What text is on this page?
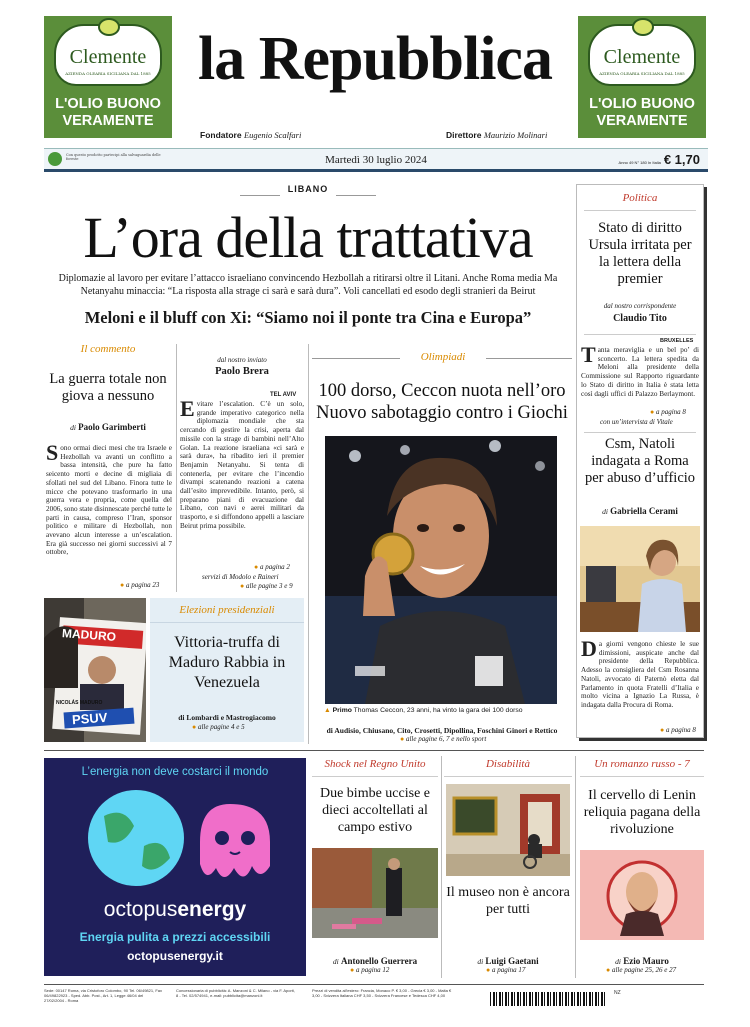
Clemente
AZIENDA OLEARIA SICILIANA DAL 1885
L'OLIO BUONO VERAMENTE
la Repubblica	Clemente
AZIENDA OLEARIA SICILIANA DAL 1885
L'OLIO BUONO VERAMENTE
Fondatore Eugenio Scalfari	Direttore Maurizio Molinari
Con questo prodotto partecipi alla salvaguardia delle foreste	Martedì 30 luglio 2024	Anno 49 N° 180 In Italia € 1,70
LIBANO
L’ora della trattativa
Diplomazie al lavoro per evitare l’attacco israeliano convincendo Hezbollah a ritirarsi oltre il Litani. Anche Roma media Ma Netanyahu minaccia: “La risposta alla strage ci sarà e sarà dura”. Voli cancellati ed esodo degli stranieri da Beirut
Meloni e il bluff con Xi: “Siamo noi il ponte tra Cina e Europa”
Il commento
La guerra totale non giova a nessuno
di Paolo Garimberti
Sono ormai dieci mesi che tra Israele e Hezbollah va avanti un conflitto a bassa intensità, che pure ha fatto seicento morti e decine di migliaia di sfollati nel sud del Libano. Finora tutte le micce che potevano trasformarlo in una guerra vera e propria, come quella del 2006, sono state disinnescate perché tutte le parti in causa, compreso l’Iran, sponsor politico e militare di Hezbollah, non avevano alcun interesse a un’escalation. Era già successo nei giorni successivi al 7 ottobre,
● a pagina 23
dal nostro inviato
Paolo Brera
TEL AVIV
Evitare l’escalation. C’è un solo, grande imperativo categorico nella diplomazia mondiale che sta cercando di gestire la crisi, aperta dal missile con la strage di bambini nell’Alto Golan. La reazione israeliana «ci sarà e sarà dura», ha ribadito ieri il premier Benjamin Netanyahu. Si tenta di contenerla, per evitare che l’incendio divampi scatenando reazioni a catena dall’esito imprevedibile. Intanto, però, si preparano piani di evacuazione dal Libano, con navi e aerei militari da trasporto, e si diffondono appelli a lasciare Beirut prima possibile.
● a pagina 2
servizi di Modolo e Raineri
● alle pagine 3 e 9
Olimpiadi
100 dorso, Ceccon nuota nell’oro Nuovo sabotaggio contro i Giochi
▲ Primo Thomas Ceccon, 23 anni, ha vinto la gara dei 100 dorso
di Audisio, Chiusano, Cito, Crosetti, Dipollina, Foschini Ginori e Rettico
● alle pagine 6, 7 e nello sport
MADURO
NICOLÁS MADURO
PSUV
Elezioni presidenziali
Vittoria-truffa di Maduro Rabbia in Venezuela
di Lombardi e Mastrogiacomo
● alle pagine 4 e 5
Politica
Stato di diritto Ursula irritata per la lettera della premier
dal nostro corrispondente
Claudio Tito
BRUXELLES
Tanta meraviglia e un bel po’ di sconcerto. La lettera spedita da Meloni alla presidente della Commissione sul Rapporto riguardante lo Stato di diritto in Italia è stata letta così dagli uffici di Palazzo Berlaymont.
● a pagina 8
con un’intervista di Vitale
Csm, Natoli indagata a Roma per abuso d’ufficio
di Gabriella Cerami
Da giorni vengono chieste le sue dimissioni, auspicate anche dal presidente della Repubblica. Adesso la consigliera del Csm Rosanna Natoli, avvocato di Paternò eletta dal Parlamento in quota Fratelli d’Italia e molto vicina a Ignazio La Russa, è indagata dalla Procura di Roma.
● a pagina 8
L’energia non deve costarci il mondo
octopusenergy
Energia pulita a prezzi accessibili
octopusenergy.it
Shock nel Regno Unito
Due bimbe uccise e dieci accoltellati al campo estivo
di Antonello Guerrera
● a pagina 12
Disabilità
Il museo non è ancora per tutti
di Luigi Gaetani
● a pagina 17
Un romanzo russo - 7
Il cervello di Lenin reliquia pagana della rivoluzione
di Ezio Mauro
● alle pagine 25, 26 e 27
Sede: 00147 Roma, via Cristoforo Colombo, 90 Tel. 06/49821, Fax 06/49822923 - Sped. Abb. Post., Art. 1, Legge 46/04 del 27/02/2004 - Roma
Concessionaria di pubblicità: A. Manzoni & C. Milano - via F. Aporti, 8 - Tel. 02/574941, e-mail: pubblicita@manzoni.it
Prezzi di vendita all'estero: Francia, Monaco P. € 3,00 - Grecia € 3,00 - Malta € 3,00 - Svizzera Italiana CHF 3,50 - Svizzera Francese e Tedesca CHF 4,00	NZ
